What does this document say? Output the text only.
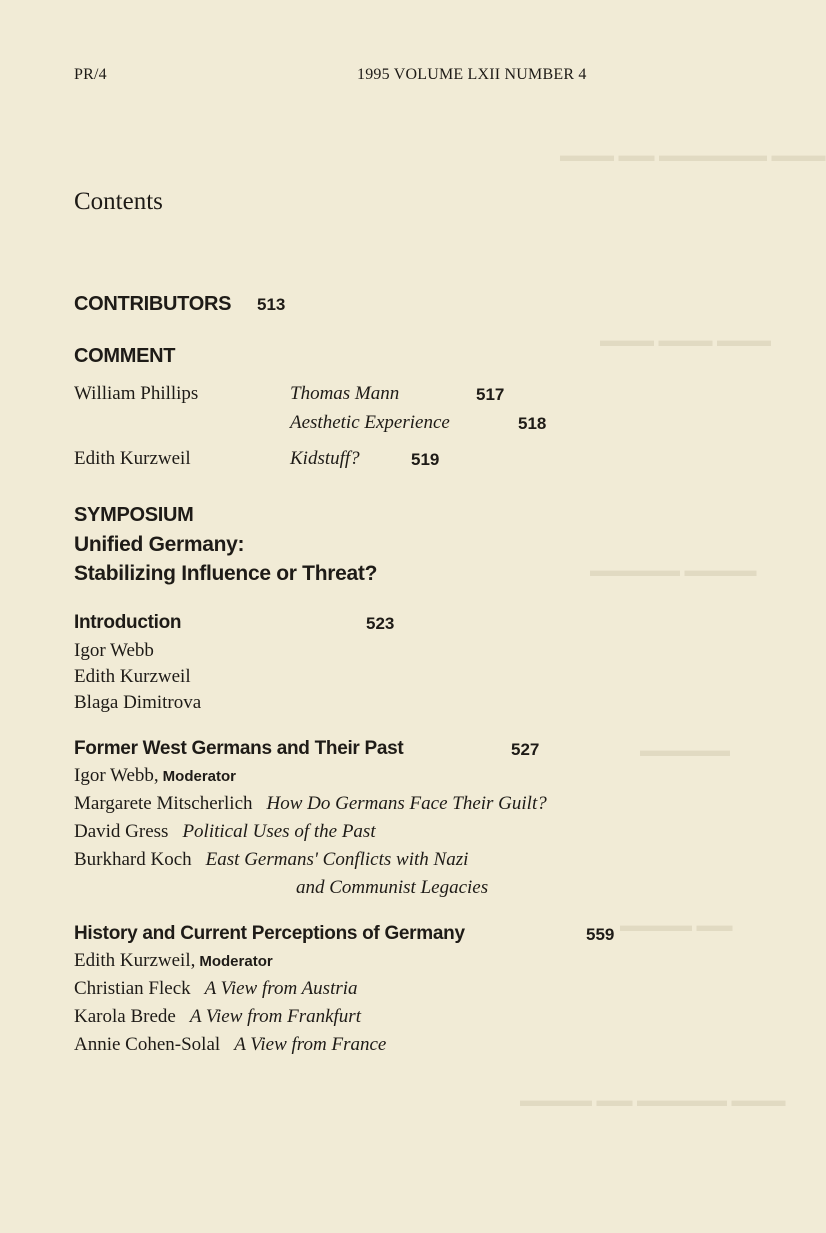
▬▬▬ ▬▬ ▬▬▬▬▬▬ ▬▬▬
▬▬▬ ▬▬▬ ▬▬▬
▬▬▬▬▬ ▬▬▬▬
▬▬▬▬▬
▬▬▬▬ ▬▬
▬▬▬▬ ▬▬ ▬▬▬▬▬ ▬▬▬
PR/4	1995 VOLUME LXII NUMBER 4
Contents
CONTRIBUTORS 513
COMMENT
William Phillips	Thomas Mann	517
Aesthetic Experience	518
Edith Kurzweil	Kidstuff?	519
SYMPOSIUM
Unified Germany:
Stabilizing Influence or Threat?
Introduction	523
Igor Webb
Edith Kurzweil
Blaga Dimitrova
Former West Germans and Their Past	527
Igor Webb, Moderator
Margarete Mitscherlich How Do Germans Face Their Guilt?
David Gress Political Uses of the Past
Burkhard Koch East Germans' Conflicts with Nazi
and Communist Legacies
History and Current Perceptions of Germany	559
Edith Kurzweil, Moderator
Christian Fleck A View from Austria
Karola Brede A View from Frankfurt
Annie Cohen-Solal A View from France
